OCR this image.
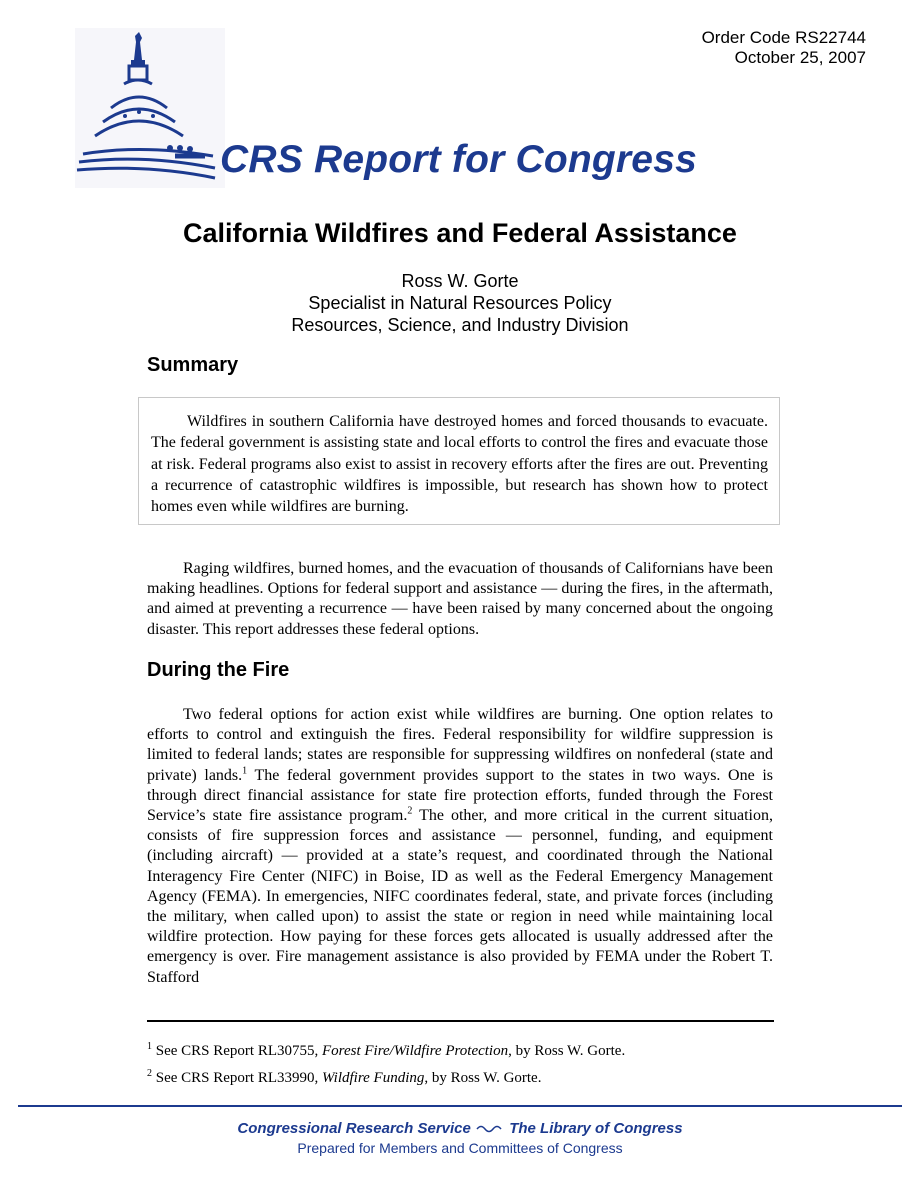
Order Code RS22744
October 25, 2007
CRS Report for Congress
California Wildfires and Federal Assistance
Ross W. Gorte
Specialist in Natural Resources Policy
Resources, Science, and Industry Division
Summary

Wildfires in southern California have destroyed homes and forced thousands to evacuate. The federal government is assisting state and local efforts to control the fires and evacuate those at risk. Federal programs also exist to assist in recovery efforts after the fires are out. Preventing a recurrence of catastrophic wildfires is impossible, but research has shown how to protect homes even while wildfires are burning.

Raging wildfires, burned homes, and the evacuation of thousands of Californians have been making headlines. Options for federal support and assistance — during the fires, in the aftermath, and aimed at preventing a recurrence — have been raised by many concerned about the ongoing disaster. This report addresses these federal options.

During the Fire

Two federal options for action exist while wildfires are burning. One option relates to efforts to control and extinguish the fires. Federal responsibility for wildfire suppression is limited to federal lands; states are responsible for suppressing wildfires on nonfederal (state and private) lands.$^1$ The federal government provides support to the states in two ways. One is through direct financial assistance for state fire protection efforts, funded through the Forest Service’s state fire assistance program.$^2$ The other, and more critical in the current situation, consists of fire suppression forces and assistance — personnel, funding, and equipment (including aircraft) — provided at a state’s request, and coordinated through the National Interagency Fire Center (NIFC) in Boise, ID as well as the Federal Emergency Management Agency (FEMA). In emergencies, NIFC coordinates federal, state, and private forces (including the military, when called upon) to assist the state or region in need while maintaining local wildfire protection. How paying for these forces gets allocated is usually addressed after the emergency is over. Fire management assistance is also provided by FEMA under the Robert T. Stafford

$^1$ See CRS Report RL30755, Forest Fire/Wildfire Protection, by Ross W. Gorte.
$^2$ See CRS Report RL33990, Wildfire Funding, by Ross W. Gorte.
Congressional Research Service	The Library of Congress
Prepared for Members and Committees of Congress
